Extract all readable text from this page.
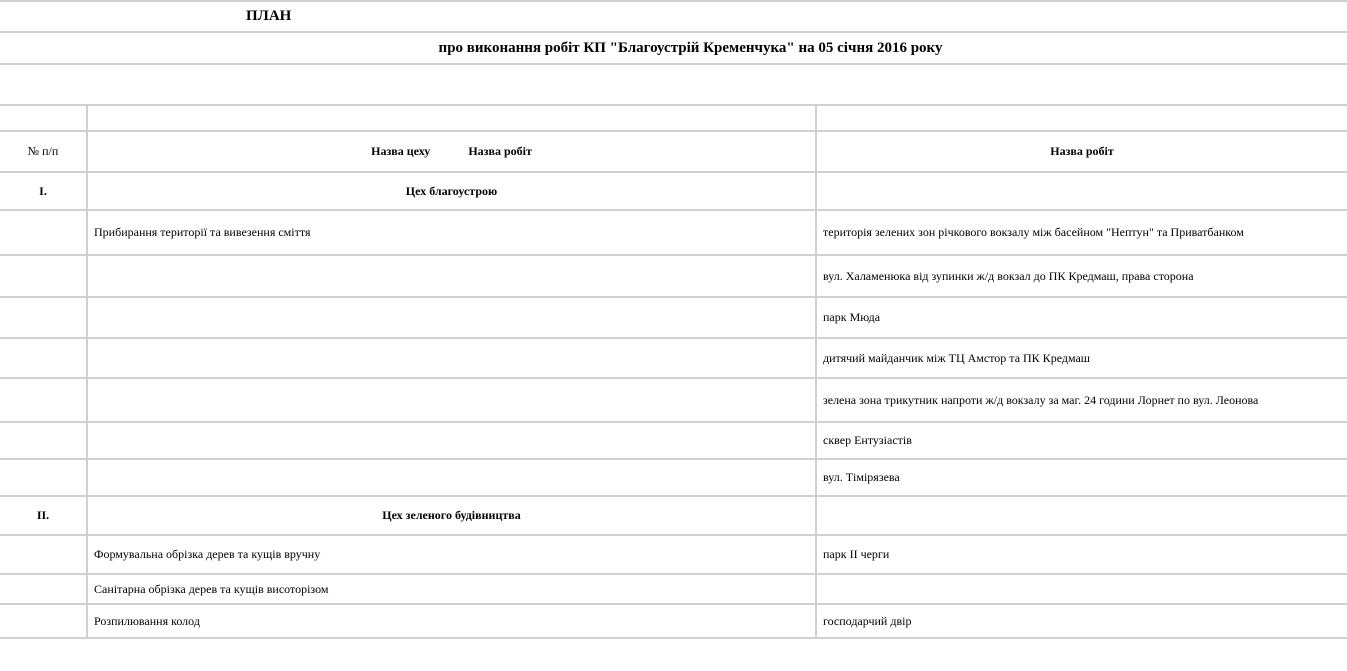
ПЛАН		
про виконання робіт КП "Благоустрій Кременчука" на 05 січня 2016 року		

№ п/п	Назва цеху Назва робіт	Назва робіт
I.	Цех благоустрою	
	Прибирання території та вивезення сміття	територія зелених зон річкового вокзалу між басейном "Нептун" та Приватбанком
		вул. Халаменюка від зупинки ж/д вокзал до ПК Кредмаш, права сторона
		парк Мюда
		дитячий майданчик між ТЦ Амстор та ПК Кредмаш
		зелена зона трикутник напроти ж/д вокзалу за маг. 24 години Лорнет по вул. Леонова
		сквер Ентузіастів
		вул. Тімірязева
II.	Цех зеленого будівництва	
	Формувальна обрізка дерев та кущів вручну	парк ІІ черги
	Санітарна обрізка дерев та кущів висоторізом	
	Розпилювання колод	господарчий двір
